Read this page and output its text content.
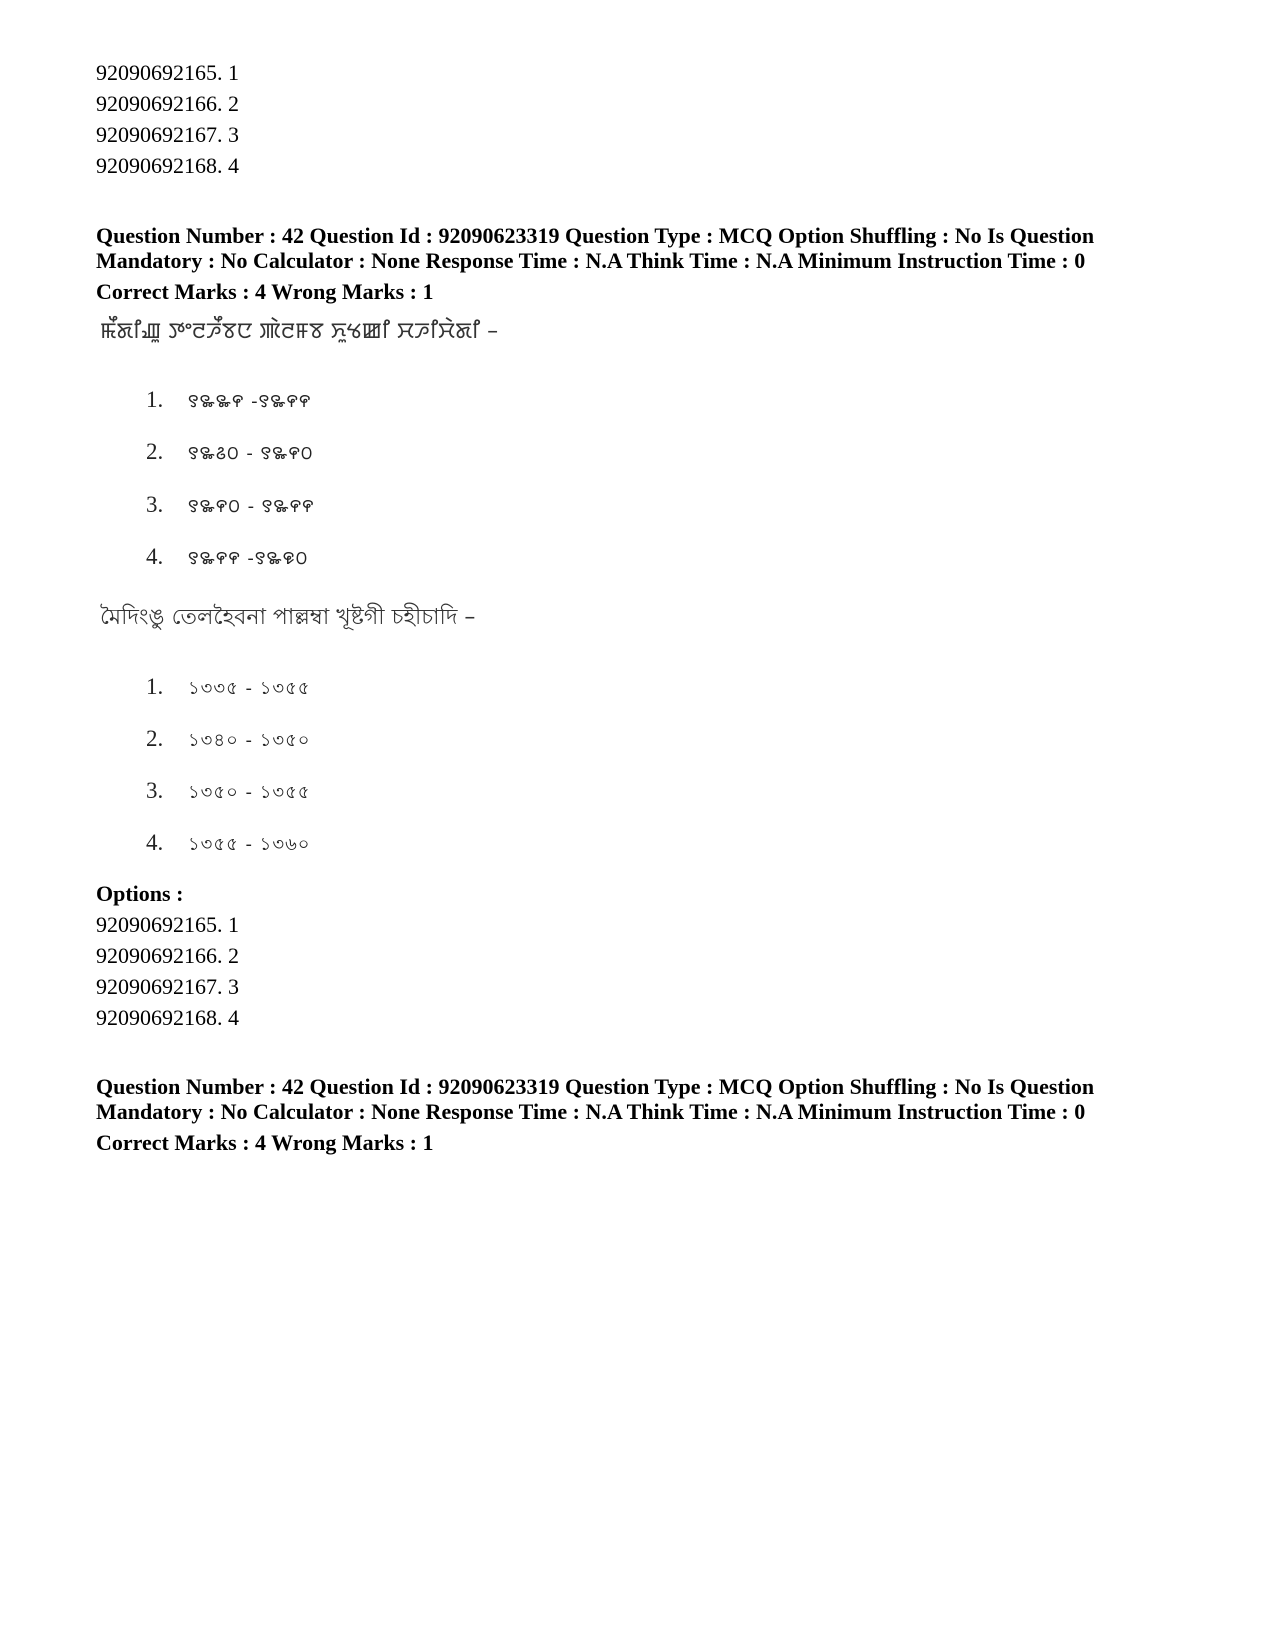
92090692165. 1
92090692166. 2
92090692167. 3
92090692168. 4
Question Number : 42 Question Id : 92090623319 Question Type : MCQ Option Shuffling : No Is Question
Mandatory : No Calculator : None Response Time : N.A Think Time : N.A Minimum Instruction Time : 0
Correct Marks : 4 Wrong Marks : 1
ꯃꯩꯗꯤꯉꯨ ꯇꯦꯂꯍꯩꯕꯅ ꯄꯥꯂꯝꯕ ꯈꯨꯠꯀꯤ ꯆꯍꯤꯆꯥꯗꯤ –
1. ꯱꯳꯳꯵ -꯱꯳꯵꯵
2. ꯱꯳꯴꯰ - ꯱꯳꯵꯰
3. ꯱꯳꯵꯰ - ꯱꯳꯵꯵
4. ꯱꯳꯵꯵ -꯱꯳꯶꯰
মৈদিংঙু তেলহৈবনা পাল্লম্বা খূষ্টগী চহীচাদি –
1. ১৩৩৫ - ১৩৫৫
2. ১৩৪০ - ১৩৫০
3. ১৩৫০ - ১৩৫৫
4. ১৩৫৫ - ১৩৬০
Options :
92090692165. 1
92090692166. 2
92090692167. 3
92090692168. 4
Question Number : 42 Question Id : 92090623319 Question Type : MCQ Option Shuffling : No Is Question
Mandatory : No Calculator : None Response Time : N.A Think Time : N.A Minimum Instruction Time : 0
Correct Marks : 4 Wrong Marks : 1
